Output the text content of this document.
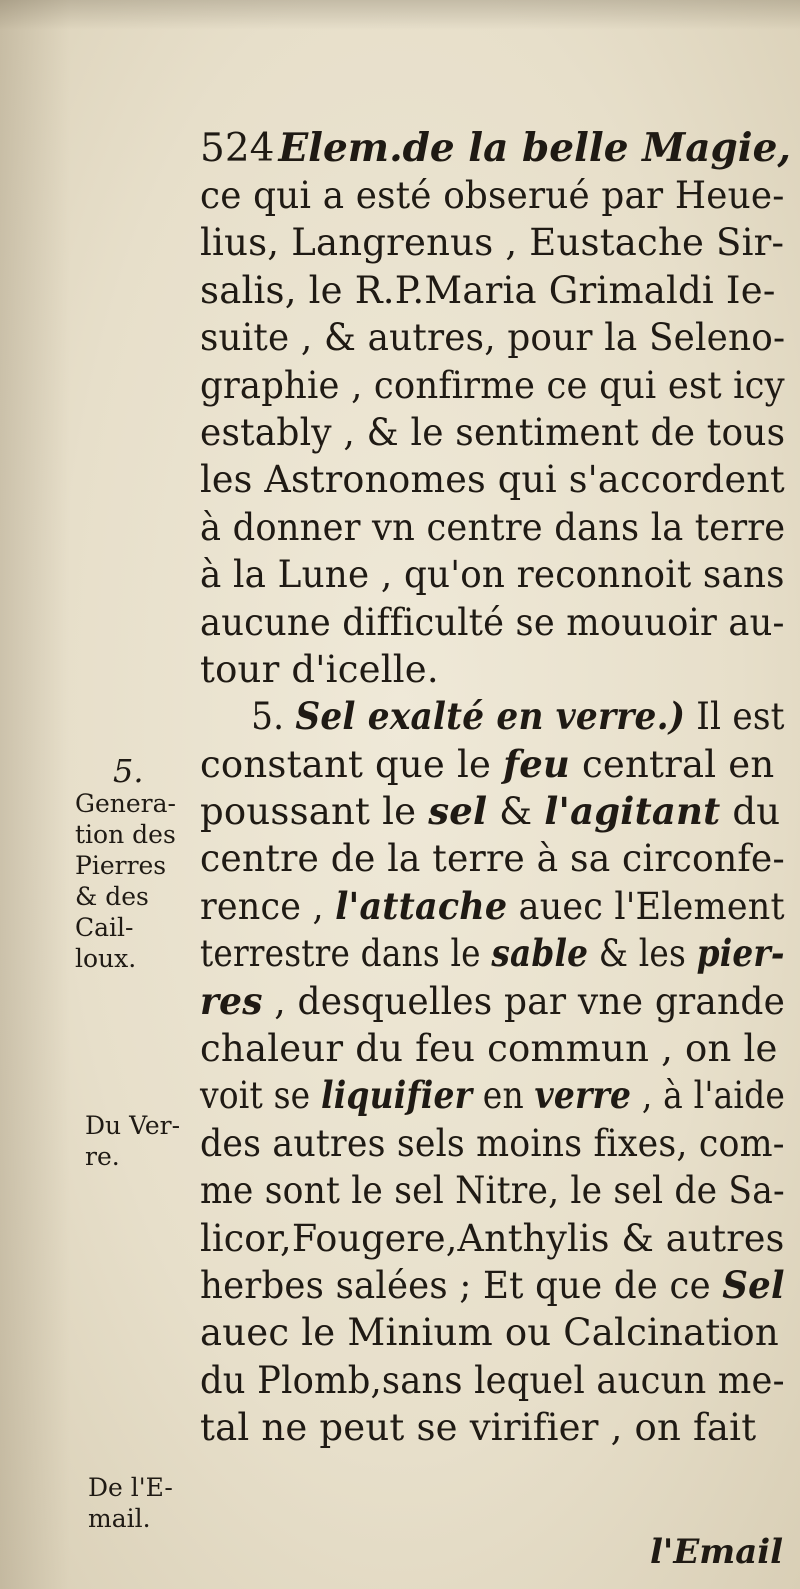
524 Elem.de la belle Magie,
ce qui a esté obserué par Heue-
lius, Langrenus , Eustache Sir-
salis, le R.P.Maria Grimaldi Ie-
suite , & autres, pour la Seleno-
graphie , confirme ce qui est icy
estably , & le sentiment de tous
les Astronomes qui s'accordent
à donner vn centre dans la terre
à la Lune , qu'on reconnoit sans
aucune difficulté se mouuoir au-
tour d'icelle.
5. Sel exalté en verre.) Il est
constant que le feu central en
poussant le sel & l'agitant du
centre de la terre à sa circonfe-
rence , l'attache auec l'Element
terrestre dans le sable & les pier-
res , desquelles par vne grande
chaleur du feu commun , on le
voit se liquifier en verre , à l'aide
des autres sels moins fixes, com-
me sont le sel Nitre, le sel de Sa-
licor,Fougere,Anthylis & autres
herbes salées ; Et que de ce Sel
auec le Minium ou Calcination
du Plomb,sans lequel aucun me-
tal ne peut se virifier , on fait
5.
Genera-
tion des
Pierres
& des
Cail-
loux.
Du Ver-
re.
De l'E-
mail.
l'Email
